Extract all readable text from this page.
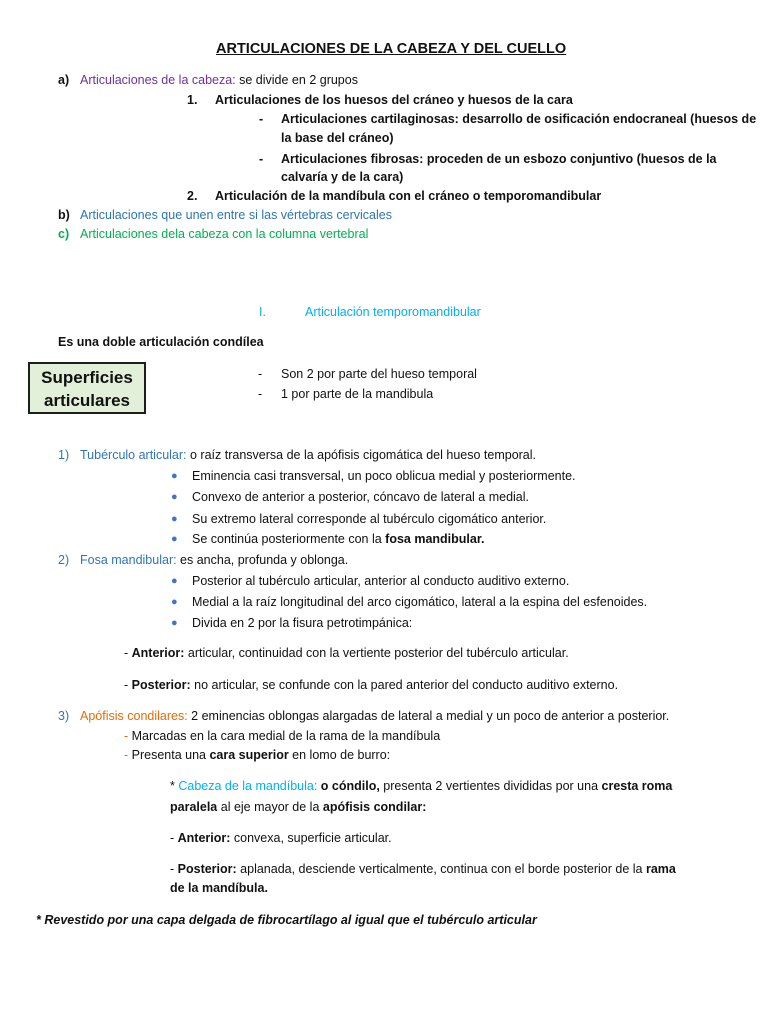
ARTICULACIONES DE LA CABEZA Y DEL CUELLO
a) Articulaciones de la cabeza: se divide en 2 grupos
1. Articulaciones de los huesos del cráneo y huesos de la cara
- Articulaciones cartilaginosas: desarrollo de osificación endocraneal (huesos de
la base del cráneo)
- Articulaciones fibrosas: proceden de un esbozo conjuntivo (huesos de la
calvaría y de la cara)
2. Articulación de la mandíbula con el cráneo o temporomandibular
b) Articulaciones que unen entre si las vértebras cervicales
c) Articulaciones dela cabeza con la columna vertebral
I.	Articulación temporomandibular
Es una doble articulación condílea
Superficies
articulares
- Son 2 por parte del hueso temporal
- 1 por parte de la mandibula
1) Tubérculo articular: o raíz transversa de la apófisis cigomática del hueso temporal.
● Eminencia casi transversal, un poco oblicua medial y posteriormente.
● Convexo de anterior a posterior, cóncavo de lateral a medial.
● Su extremo lateral corresponde al tubérculo cigomático anterior.
● Se continúa posteriormente con la fosa mandibular.
2) Fosa mandibular: es ancha, profunda y oblonga.
● Posterior al tubérculo articular, anterior al conducto auditivo externo.
● Medial a la raíz longitudinal del arco cigomático, lateral a la espina del esfenoides.
● Divida en 2 por la fisura petrotimpánica:
- Anterior: articular, continuidad con la vertiente posterior del tubérculo articular.
- Posterior: no articular, se confunde con la pared anterior del conducto auditivo externo.
3) Apófisis condilares: 2 eminencias oblongas alargadas de lateral a medial y un poco de anterior a posterior.
- Marcadas en la cara medial de la rama de la mandíbula
- Presenta una cara superior en lomo de burro:
* Cabeza de la mandíbula: o cóndilo, presenta 2 vertientes divididas por una cresta roma
paralela al eje mayor de la apófisis condilar:
- Anterior: convexa, superficie articular.
- Posterior: aplanada, desciende verticalmente, continua con el borde posterior de la rama
de la mandíbula.
* Revestido por una capa delgada de fibrocartílago al igual que el tubérculo articular
